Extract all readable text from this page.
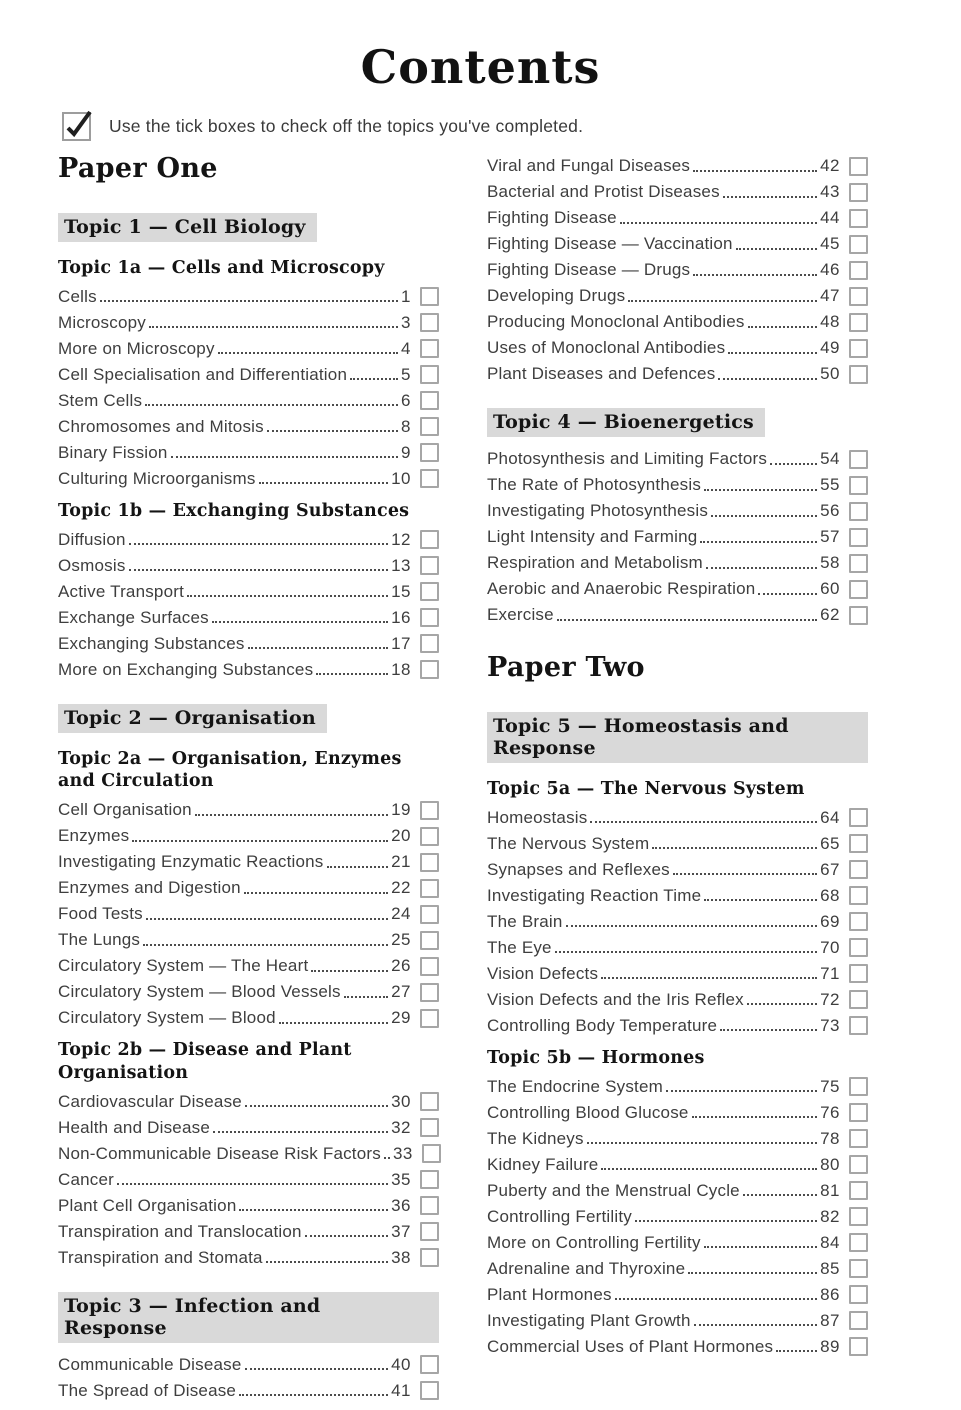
Contents
Use the tick boxes to check off the topics you've completed.
Paper One
Topic 1 — Cell Biology
Topic 1a — Cells and Microscopy
Cells	1
Microscopy	3
More on Microscopy	4
Cell Specialisation and Differentiation	5
Stem Cells	6
Chromosomes and Mitosis	8
Binary Fission	9
Culturing Microorganisms	10
Topic 1b — Exchanging Substances
Diffusion	12
Osmosis	13
Active Transport	15
Exchange Surfaces	16
Exchanging Substances	17
More on Exchanging Substances	18
Topic 2 — Organisation
Topic 2a — Organisation, Enzymes and Circulation
Cell Organisation	19
Enzymes	20
Investigating Enzymatic Reactions	21
Enzymes and Digestion	22
Food Tests	24
The Lungs	25
Circulatory System — The Heart	26
Circulatory System — Blood Vessels	27
Circulatory System — Blood	29
Topic 2b — Disease and Plant Organisation
Cardiovascular Disease	30
Health and Disease	32
Non-Communicable Disease Risk Factors 33
Cancer	35
Plant Cell Organisation	36
Transpiration and Translocation	37
Transpiration and Stomata	38
Topic 3 — Infection and Response
Communicable Disease	40
The Spread of Disease	41
Viral and Fungal Diseases	42
Bacterial and Protist Diseases	43
Fighting Disease	44
Fighting Disease — Vaccination	45
Fighting Disease — Drugs	46
Developing Drugs	47
Producing Monoclonal Antibodies	48
Uses of Monoclonal Antibodies	49
Plant Diseases and Defences	50
Topic 4 — Bioenergetics
Photosynthesis and Limiting Factors	54
The Rate of Photosynthesis	55
Investigating Photosynthesis	56
Light Intensity and Farming	57
Respiration and Metabolism	58
Aerobic and Anaerobic Respiration	60
Exercise	62
Paper Two
Topic 5 — Homeostasis and Response
Topic 5a — The Nervous System
Homeostasis	64
The Nervous System	65
Synapses and Reflexes	67
Investigating Reaction Time	68
The Brain	69
The Eye	70
Vision Defects	71
Vision Defects and the Iris Reflex	72
Controlling Body Temperature	73
Topic 5b — Hormones
The Endocrine System	75
Controlling Blood Glucose	76
The Kidneys	78
Kidney Failure	80
Puberty and the Menstrual Cycle	81
Controlling Fertility	82
More on Controlling Fertility	84
Adrenaline and Thyroxine	85
Plant Hormones	86
Investigating Plant Growth	87
Commercial Uses of Plant Hormones	89
